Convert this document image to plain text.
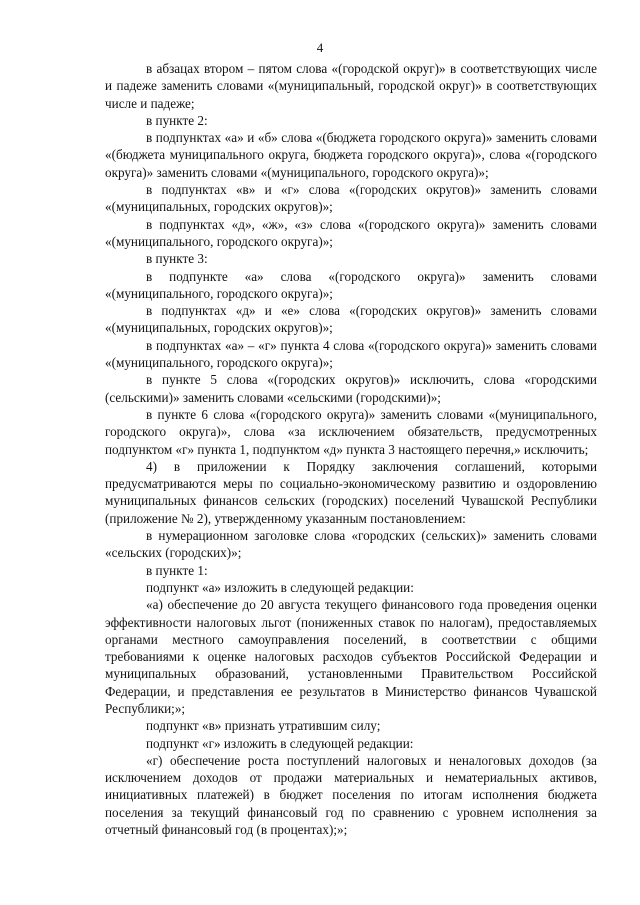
4

в абзацах втором – пятом слова «(городской округ)» в соответствующих числе и падеже заменить словами «(муниципальный, городской округ)» в соответствующих числе и падеже;

в пункте 2:

в подпунктах «а» и «б» слова «(бюджета городского округа)» заменить словами «(бюджета муниципального округа, бюджета городского округа)», слова «(городского округа)» заменить словами «(муниципального, городского округа)»;

в подпунктах «в» и «г» слова «(городских округов)» заменить словами «(муниципальных, городских округов)»;

в подпунктах «д», «ж», «з» слова «(городского округа)» заменить словами «(муниципального, городского округа)»;

в пункте 3:

в подпункте «а» слова «(городского округа)» заменить словами «(муниципального, городского округа)»;

в подпунктах «д» и «е» слова «(городских округов)» заменить словами «(муниципальных, городских округов)»;

в подпунктах «а» – «г» пункта 4 слова «(городского округа)» заменить словами «(муниципального, городского округа)»;

в пункте 5 слова «(городских округов)» исключить, слова «городскими (сельскими)» заменить словами «сельскими (городскими)»;

в пункте 6 слова «(городского округа)» заменить словами «(муниципального, городского округа)», слова «за исключением обязательств, предусмотренных подпунктом «г» пункта 1, подпунктом «д» пункта 3 настоящего перечня,» исключить;

4) в приложении к Порядку заключения соглашений, которыми предусматриваются меры по социально-экономическому развитию и оздоровлению муниципальных финансов сельских (городских) поселений Чувашской Республики (приложение № 2), утвержденному указанным постановлением:

в нумерационном заголовке слова «городских (сельских)» заменить словами «сельских (городских)»;

в пункте 1:

подпункт «а» изложить в следующей редакции:

«а) обеспечение до 20 августа текущего финансового года проведения оценки эффективности налоговых льгот (пониженных ставок по налогам), предоставляемых органами местного самоуправления поселений, в соответствии с общими требованиями к оценке налоговых расходов субъектов Российской Федерации и муниципальных образований, установленными Правительством Российской Федерации, и представления ее результатов в Министерство финансов Чувашской Республики;»;

подпункт «в» признать утратившим силу;

подпункт «г» изложить в следующей редакции:

«г) обеспечение роста поступлений налоговых и неналоговых доходов (за исключением доходов от продажи материальных и нематериальных активов, инициативных платежей) в бюджет поселения по итогам исполнения бюджета поселения за текущий финансовый год по сравнению с уровнем исполнения за отчетный финансовый год (в процентах);»;
